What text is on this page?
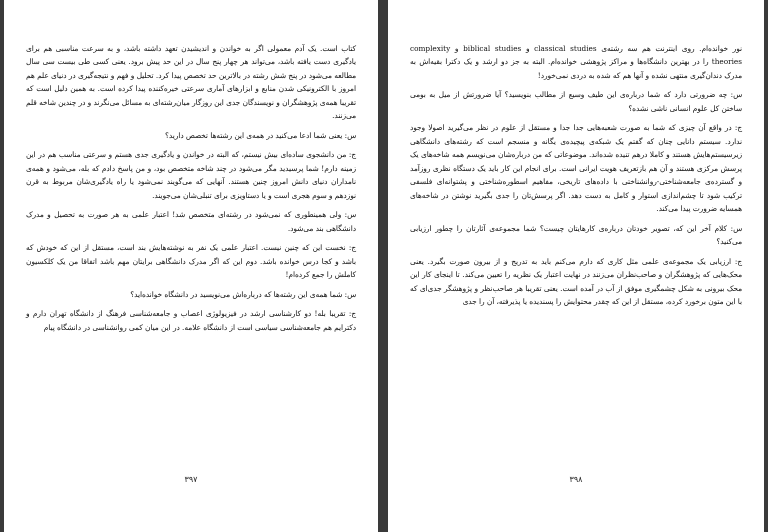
کتاب است. یک آدم معمولی اگر به خواندن و اندیشیدن تعهد داشته باشد، و به سرعت مناسبی هم برای یادگیری دست یافته باشد، می‌تواند هر چهار پنج سال در این حد پیش برود. یعنی کسی طی بیست سی سال مطالعه می‌شود در پنج شش رشته در بالاترین حد تخصص پیدا کرد. تحلیل و فهم و نتیجه‌گیری در دنیای علم هم امروز با الکترونیکی شدن منابع و ابزارهای آماری سرعتی خیره‌کننده پیدا کرده است. به همین دلیل است که تقریبا همه‌ی پژوهشگران و نویسندگان جدی این روزگار میان‌رشته‌ای به مسائل می‌نگرند و در چندین شاخه قلم می‌زنند.

س: یعنی شما ادعا می‌کنید در همه‌ی این رشته‌ها تخصص دارید؟

ج: من دانشجوی ساده‌ای بیش نیستم، که البته در خواندن و یادگیری جدی هستم و سرعتی مناسب هم در این زمینه دارم! شما پرسیدید مگر می‌شود در چند شاخه متخصص بود، و من پاسخ دادم که بله، می‌شود و همه‌ی نامداران دنیای دانش امروز چنین هستند. آنهایی که می‌گویند نمی‌شود یا راه یادگیری‌شان مربوط به قرن نوزدهم و سوم هجری است و یا دستاویزی برای تنبلی‌شان می‌جویند.

س: ولی همینطوری که نمی‌شود در رشته‌ای متخصص شد! اعتبار علمی به هر صورت به تحصیل و مدرک دانشگاهی بند می‌شود.

ج: نخست این که چنین نیست. اعتبار علمی یک نفر به نوشته‌هایش بند است، مستقل از این که خودش که باشد و کجا درس خوانده باشد. دوم این که اگر مدرک دانشگاهی برایتان مهم باشد اتفاقا من یک کلکسیون کاملش را جمع کرده‌ام!

س: شما همه‌ی این رشته‌ها که درباره‌اش می‌نویسید در دانشگاه خوانده‌اید؟

ج: تقریبا بله! دو کارشناسی ارشد در فیزیولوژی اعصاب و جامعه‌شناسی فرهنگ از دانشگاه تهران دارم و دکترایم هم جامعه‌شناسی سیاسی است از دانشگاه علامه. در این میان کمی روانشناسی در دانشگاه پیام

۳۹۷

نور خوانده‌ام. روی اینترنت هم سه رشته‌ی classical studies و biblical studies و complexity theories را در بهترین دانشگاه‌ها و مراکز پژوهشی خوانده‌ام. البته به جز دو ارشد و یک دکترا بقیه‌اش به مدرک دندان‌گیری منتهی نشده و آنها هم که شده به دردی نمی‌خورد!

س: چه ضرورتی دارد که شما درباره‌ی این طیف وسیع از مطالب بنویسید؟ آیا ضرورتش از میل به بومی ساختن کل علوم انسانی ناشی نشده؟

ج: در واقع آن چیزی که شما به صورت شعبه‌هایی جدا جدا و مستقل از علوم در نظر می‌گیرید اصولا وجود ندارد. سیستم دانایی چنان که گفتم یک شبکه‌ی پیچیده‌ی یگانه و منسجم است که رشته‌های دانشگاهی زیرسیستم‌هایش هستند و کاملا درهم تنیده شده‌اند. موضوعاتی که من درباره‌شان می‌نویسم همه شاخه‌های یک پرسش مرکزی هستند و آن هم بازتعریف هویت ایرانی است. برای انجام این کار باید یک دستگاه نظری روزآمد و گسترده‌ی جامعه‌شناختی-روانشناختی با داده‌های تاریخی، مفاهیم اسطوره‌شناختی و پشتوانه‌ای فلسفی ترکیب شود تا چشم‌اندازی استوار و کامل به دست دهد. اگر پرسش‌تان را جدی بگیرید نوشتن در شاخه‌های همسایه ضرورت پیدا می‌کند.

س: کلام آخر این که، تصویر خودتان درباره‌ی کارهایتان چیست؟ شما مجموعه‌ی آثارتان را چطور ارزیابی می‌کنید؟

ج: ارزیابی یک مجموعه‌ی علمی مثل کاری که دارم می‌کنم باید به تدریج و از بیرون صورت بگیرد. یعنی محک‌هایی که پژوهشگران و صاحب‌نظران می‌زنند در نهایت اعتبار یک نظریه را تعیین می‌کند. تا اینجای کار این محک بیرونی به شکل چشمگیری موفق از آب در آمده است. یعنی تقریبا هر صاحب‌نظر و پژوهشگر جدی‌ای که با این متون برخورد کرده، مستقل از این که چقدر محتوایش را پسندیده یا پذیرفته، آن را جدی

۳۹۸
